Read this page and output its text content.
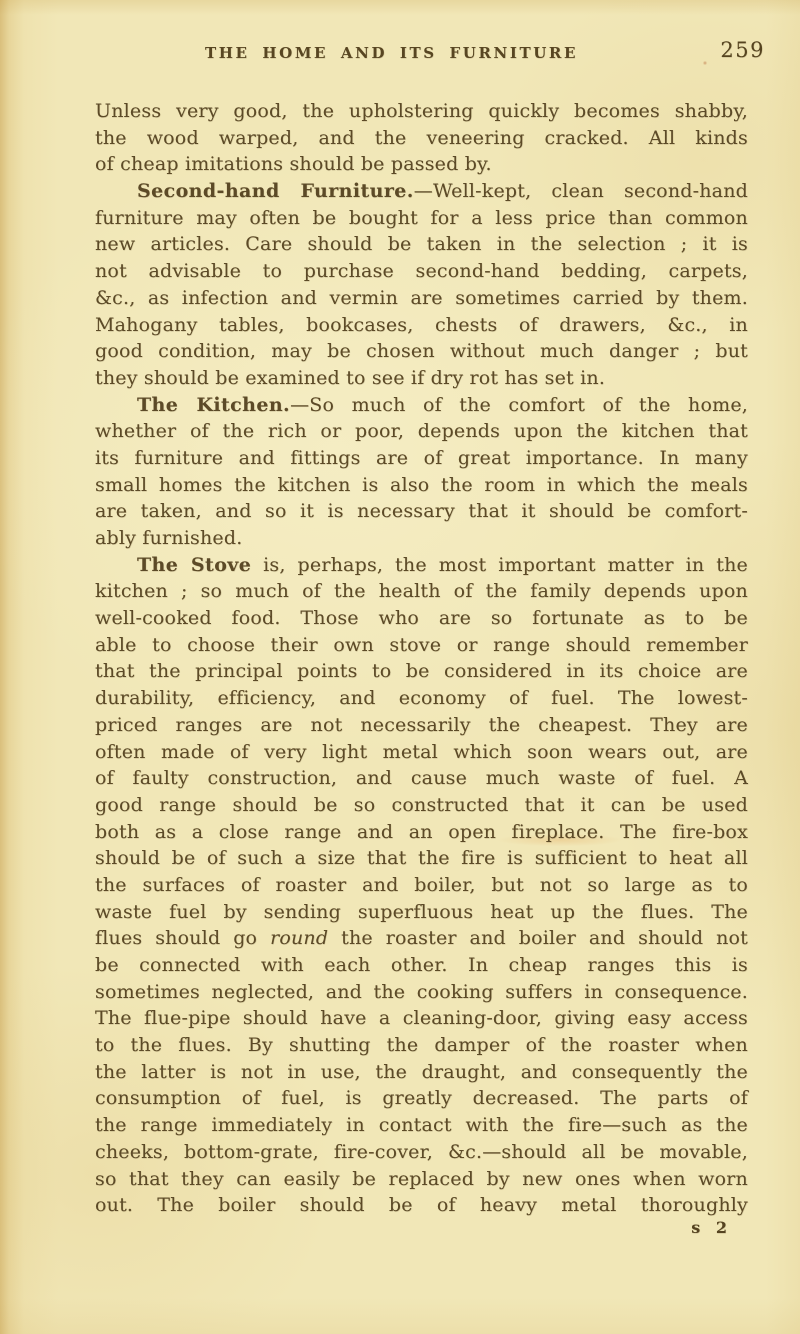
THE HOME AND ITS FURNITURE	259
Unless very good, the upholstering quickly becomes shabby,
the wood warped, and the veneering cracked. All kinds
of cheap imitations should be passed by.
Second-hand Furniture.—Well-kept, clean second-hand
furniture may often be bought for a less price than common
new articles. Care should be taken in the selection ; it is
not advisable to purchase second-hand bedding, carpets,
&c., as infection and vermin are sometimes carried by them.
Mahogany tables, bookcases, chests of drawers, &c., in
good condition, may be chosen without much danger ; but
they should be examined to see if dry rot has set in.
The Kitchen.—So much of the comfort of the home,
whether of the rich or poor, depends upon the kitchen that
its furniture and fittings are of great importance. In many
small homes the kitchen is also the room in which the meals
are taken, and so it is necessary that it should be comfort-
ably furnished.
The Stove is, perhaps, the most important matter in the
kitchen ; so much of the health of the family depends upon
well-cooked food. Those who are so fortunate as to be
able to choose their own stove or range should remember
that the principal points to be considered in its choice are
durability, efficiency, and economy of fuel. The lowest-
priced ranges are not necessarily the cheapest. They are
often made of very light metal which soon wears out, are
of faulty construction, and cause much waste of fuel. A
good range should be so constructed that it can be used
both as a close range and an open fireplace. The fire-box
should be of such a size that the fire is sufficient to heat all
the surfaces of roaster and boiler, but not so large as to
waste fuel by sending superfluous heat up the flues. The
flues should go round the roaster and boiler and should not
be connected with each other. In cheap ranges this is
sometimes neglected, and the cooking suffers in consequence.
The flue-pipe should have a cleaning-door, giving easy access
to the flues. By shutting the damper of the roaster when
the latter is not in use, the draught, and consequently the
consumption of fuel, is greatly decreased. The parts of
the range immediately in contact with the fire—such as the
cheeks, bottom-grate, fire-cover, &c.—should all be movable,
so that they can easily be replaced by new ones when worn
out. The boiler should be of heavy metal thoroughly
s 2
